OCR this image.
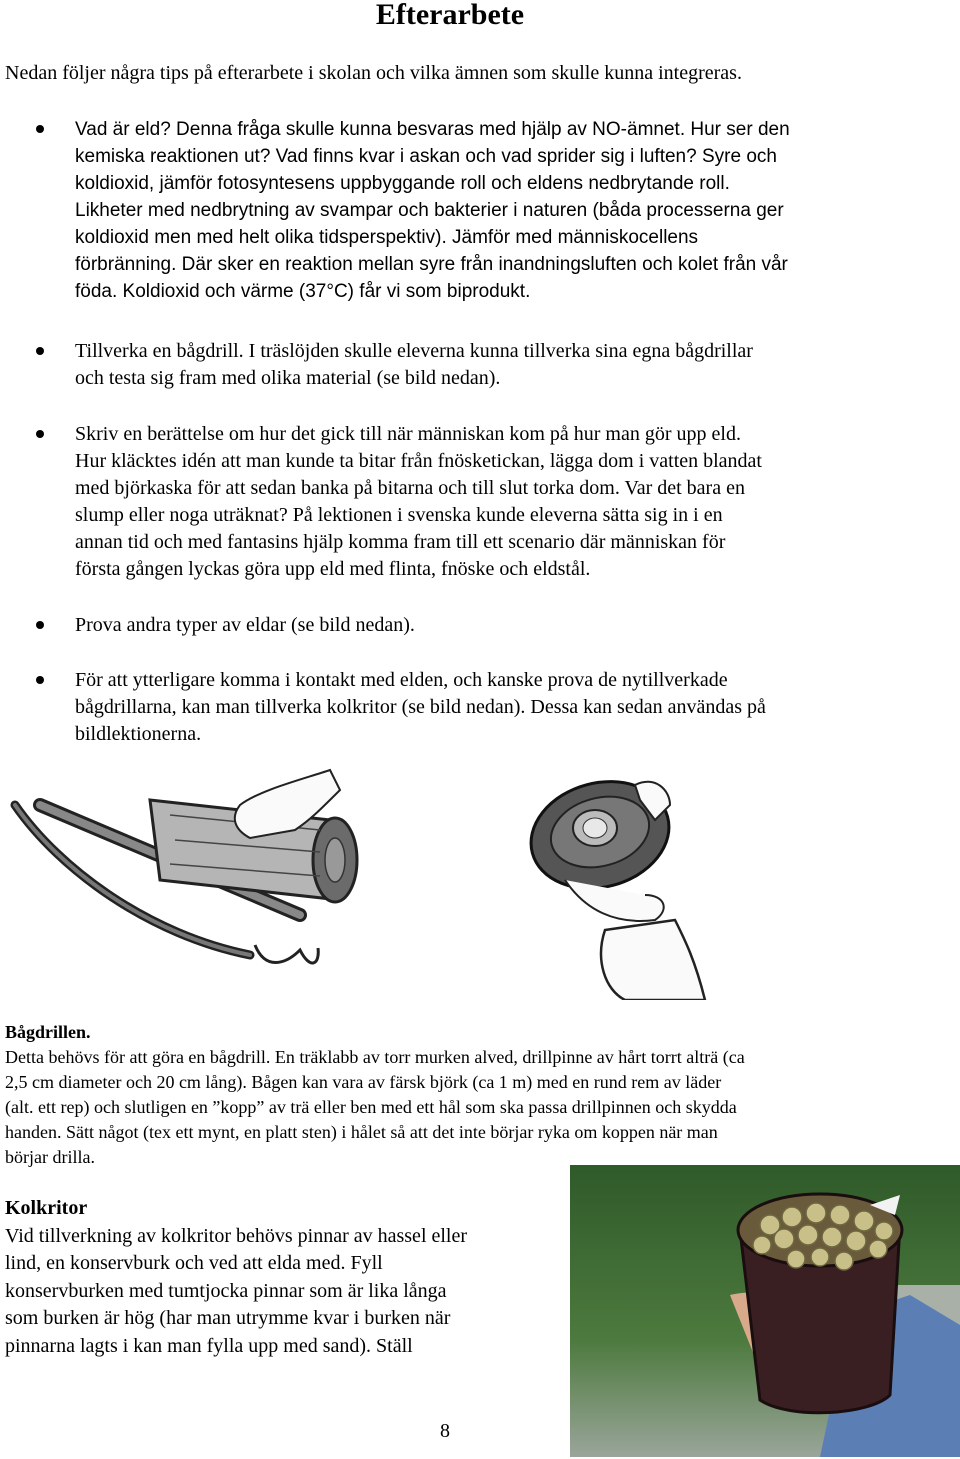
Efterarbete
Nedan följer några tips på efterarbete i skolan och vilka ämnen som skulle kunna integreras.
Vad är eld? Denna fråga skulle kunna besvaras med hjälp av NO-ämnet. Hur ser den
kemiska reaktionen ut? Vad finns kvar i askan och vad sprider sig i luften? Syre och
koldioxid, jämför fotosyntesens uppbyggande roll och eldens nedbrytande roll.
Likheter med nedbrytning av svampar och bakterier i naturen (båda processerna ger
koldioxid men med helt olika tidsperspektiv). Jämför med människocellens
förbränning. Där sker en reaktion mellan syre från inandningsluften och kolet från vår
föda. Koldioxid och värme (37°C) får vi som biprodukt.
Tillverka en bågdrill. I träslöjden skulle eleverna kunna tillverka sina egna bågdrillar
och testa sig fram med olika material (se bild nedan).
Skriv en berättelse om hur det gick till när människan kom på hur man gör upp eld.
Hur kläcktes idén att man kunde ta bitar från fnösketickan, lägga dom i vatten blandat
med björkaska för att sedan banka på bitarna och till slut torka dom. Var det bara en
slump eller noga uträknat? På lektionen i svenska kunde eleverna sätta sig in i en
annan tid och med fantasins hjälp komma fram till ett scenario där människan för
första gången lyckas göra upp eld med flinta, fnöske och eldstål.
Prova andra typer av eldar (se bild nedan).
För att ytterligare komma i kontakt med elden, och kanske prova de nytillverkade
bågdrillarna, kan man tillverka kolkritor (se bild nedan). Dessa kan sedan användas på
bildlektionerna.
Bågdrillen.
Detta behövs för att göra en bågdrill. En träklabb av torr murken alved, drillpinne av hårt torrt alträ (ca
2,5 cm diameter och 20 cm lång). Bågen kan vara av färsk björk (ca 1 m) med en rund rem av läder
(alt. ett rep) och slutligen en ”kopp” av trä eller ben med ett hål som ska passa drillpinnen och skydda
handen. Sätt något (tex ett mynt, en platt sten) i hålet så att det inte börjar ryka om koppen när man
börjar drilla.
Kolkritor
Vid tillverkning av kolkritor behövs pinnar av hassel eller
lind, en konservburk och ved att elda med. Fyll
konservburken med tumtjocka pinnar som är lika långa
som burken är hög (har man utrymme kvar i burken när
pinnarna lagts i kan man fylla upp med sand). Ställ
8
